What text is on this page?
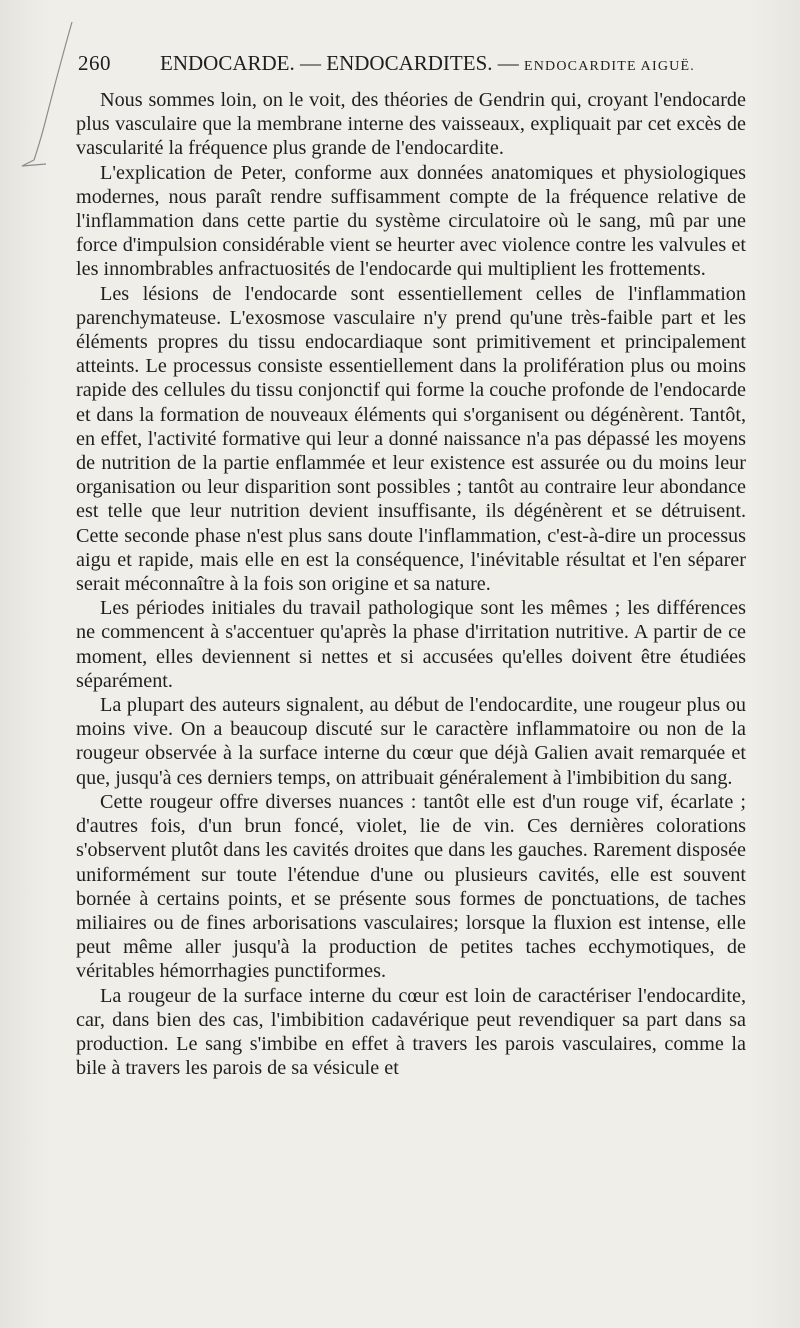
260 ENDOCARDE. — ENDOCARDITES. — ENDOCARDITE AIGUË.

Nous sommes loin, on le voit, des théories de Gendrin qui, croyant l'endocarde plus vasculaire que la membrane interne des vaisseaux, expliquait par cet excès de vascularité la fréquence plus grande de l'endocardite.

L'explication de Peter, conforme aux données anatomiques et physiologiques modernes, nous paraît rendre suffisamment compte de la fréquence relative de l'inflammation dans cette partie du système circulatoire où le sang, mû par une force d'impulsion considérable vient se heurter avec violence contre les valvules et les innombrables anfractuosités de l'endocarde qui multiplient les frottements.

Les lésions de l'endocarde sont essentiellement celles de l'inflammation parenchymateuse. L'exosmose vasculaire n'y prend qu'une très-faible part et les éléments propres du tissu endocardiaque sont primitivement et principalement atteints. Le processus consiste essentiellement dans la prolifération plus ou moins rapide des cellules du tissu conjonctif qui forme la couche profonde de l'endocarde et dans la formation de nouveaux éléments qui s'organisent ou dégénèrent. Tantôt, en effet, l'activité formative qui leur a donné naissance n'a pas dépassé les moyens de nutrition de la partie enflammée et leur existence est assurée ou du moins leur organisation ou leur disparition sont possibles ; tantôt au contraire leur abondance est telle que leur nutrition devient insuffisante, ils dégénèrent et se détruisent. Cette seconde phase n'est plus sans doute l'inflammation, c'est-à-dire un processus aigu et rapide, mais elle en est la conséquence, l'inévitable résultat et l'en séparer serait méconnaître à la fois son origine et sa nature.

Les périodes initiales du travail pathologique sont les mêmes ; les différences ne commencent à s'accentuer qu'après la phase d'irritation nutritive. A partir de ce moment, elles deviennent si nettes et si accusées qu'elles doivent être étudiées séparément.

La plupart des auteurs signalent, au début de l'endocardite, une rougeur plus ou moins vive. On a beaucoup discuté sur le caractère inflammatoire ou non de la rougeur observée à la surface interne du cœur que déjà Galien avait remarquée et que, jusqu'à ces derniers temps, on attribuait généralement à l'imbibition du sang.

Cette rougeur offre diverses nuances : tantôt elle est d'un rouge vif, écarlate ; d'autres fois, d'un brun foncé, violet, lie de vin. Ces dernières colorations s'observent plutôt dans les cavités droites que dans les gauches. Rarement disposée uniformément sur toute l'étendue d'une ou plusieurs cavités, elle est souvent bornée à certains points, et se présente sous formes de ponctuations, de taches miliaires ou de fines arborisations vasculaires; lorsque la fluxion est intense, elle peut même aller jusqu'à la production de petites taches ecchymotiques, de véritables hémorrhagies punctiformes.

La rougeur de la surface interne du cœur est loin de caractériser l'endocardite, car, dans bien des cas, l'imbibition cadavérique peut revendiquer sa part dans sa production. Le sang s'imbibe en effet à travers les parois vasculaires, comme la bile à travers les parois de sa vésicule et
